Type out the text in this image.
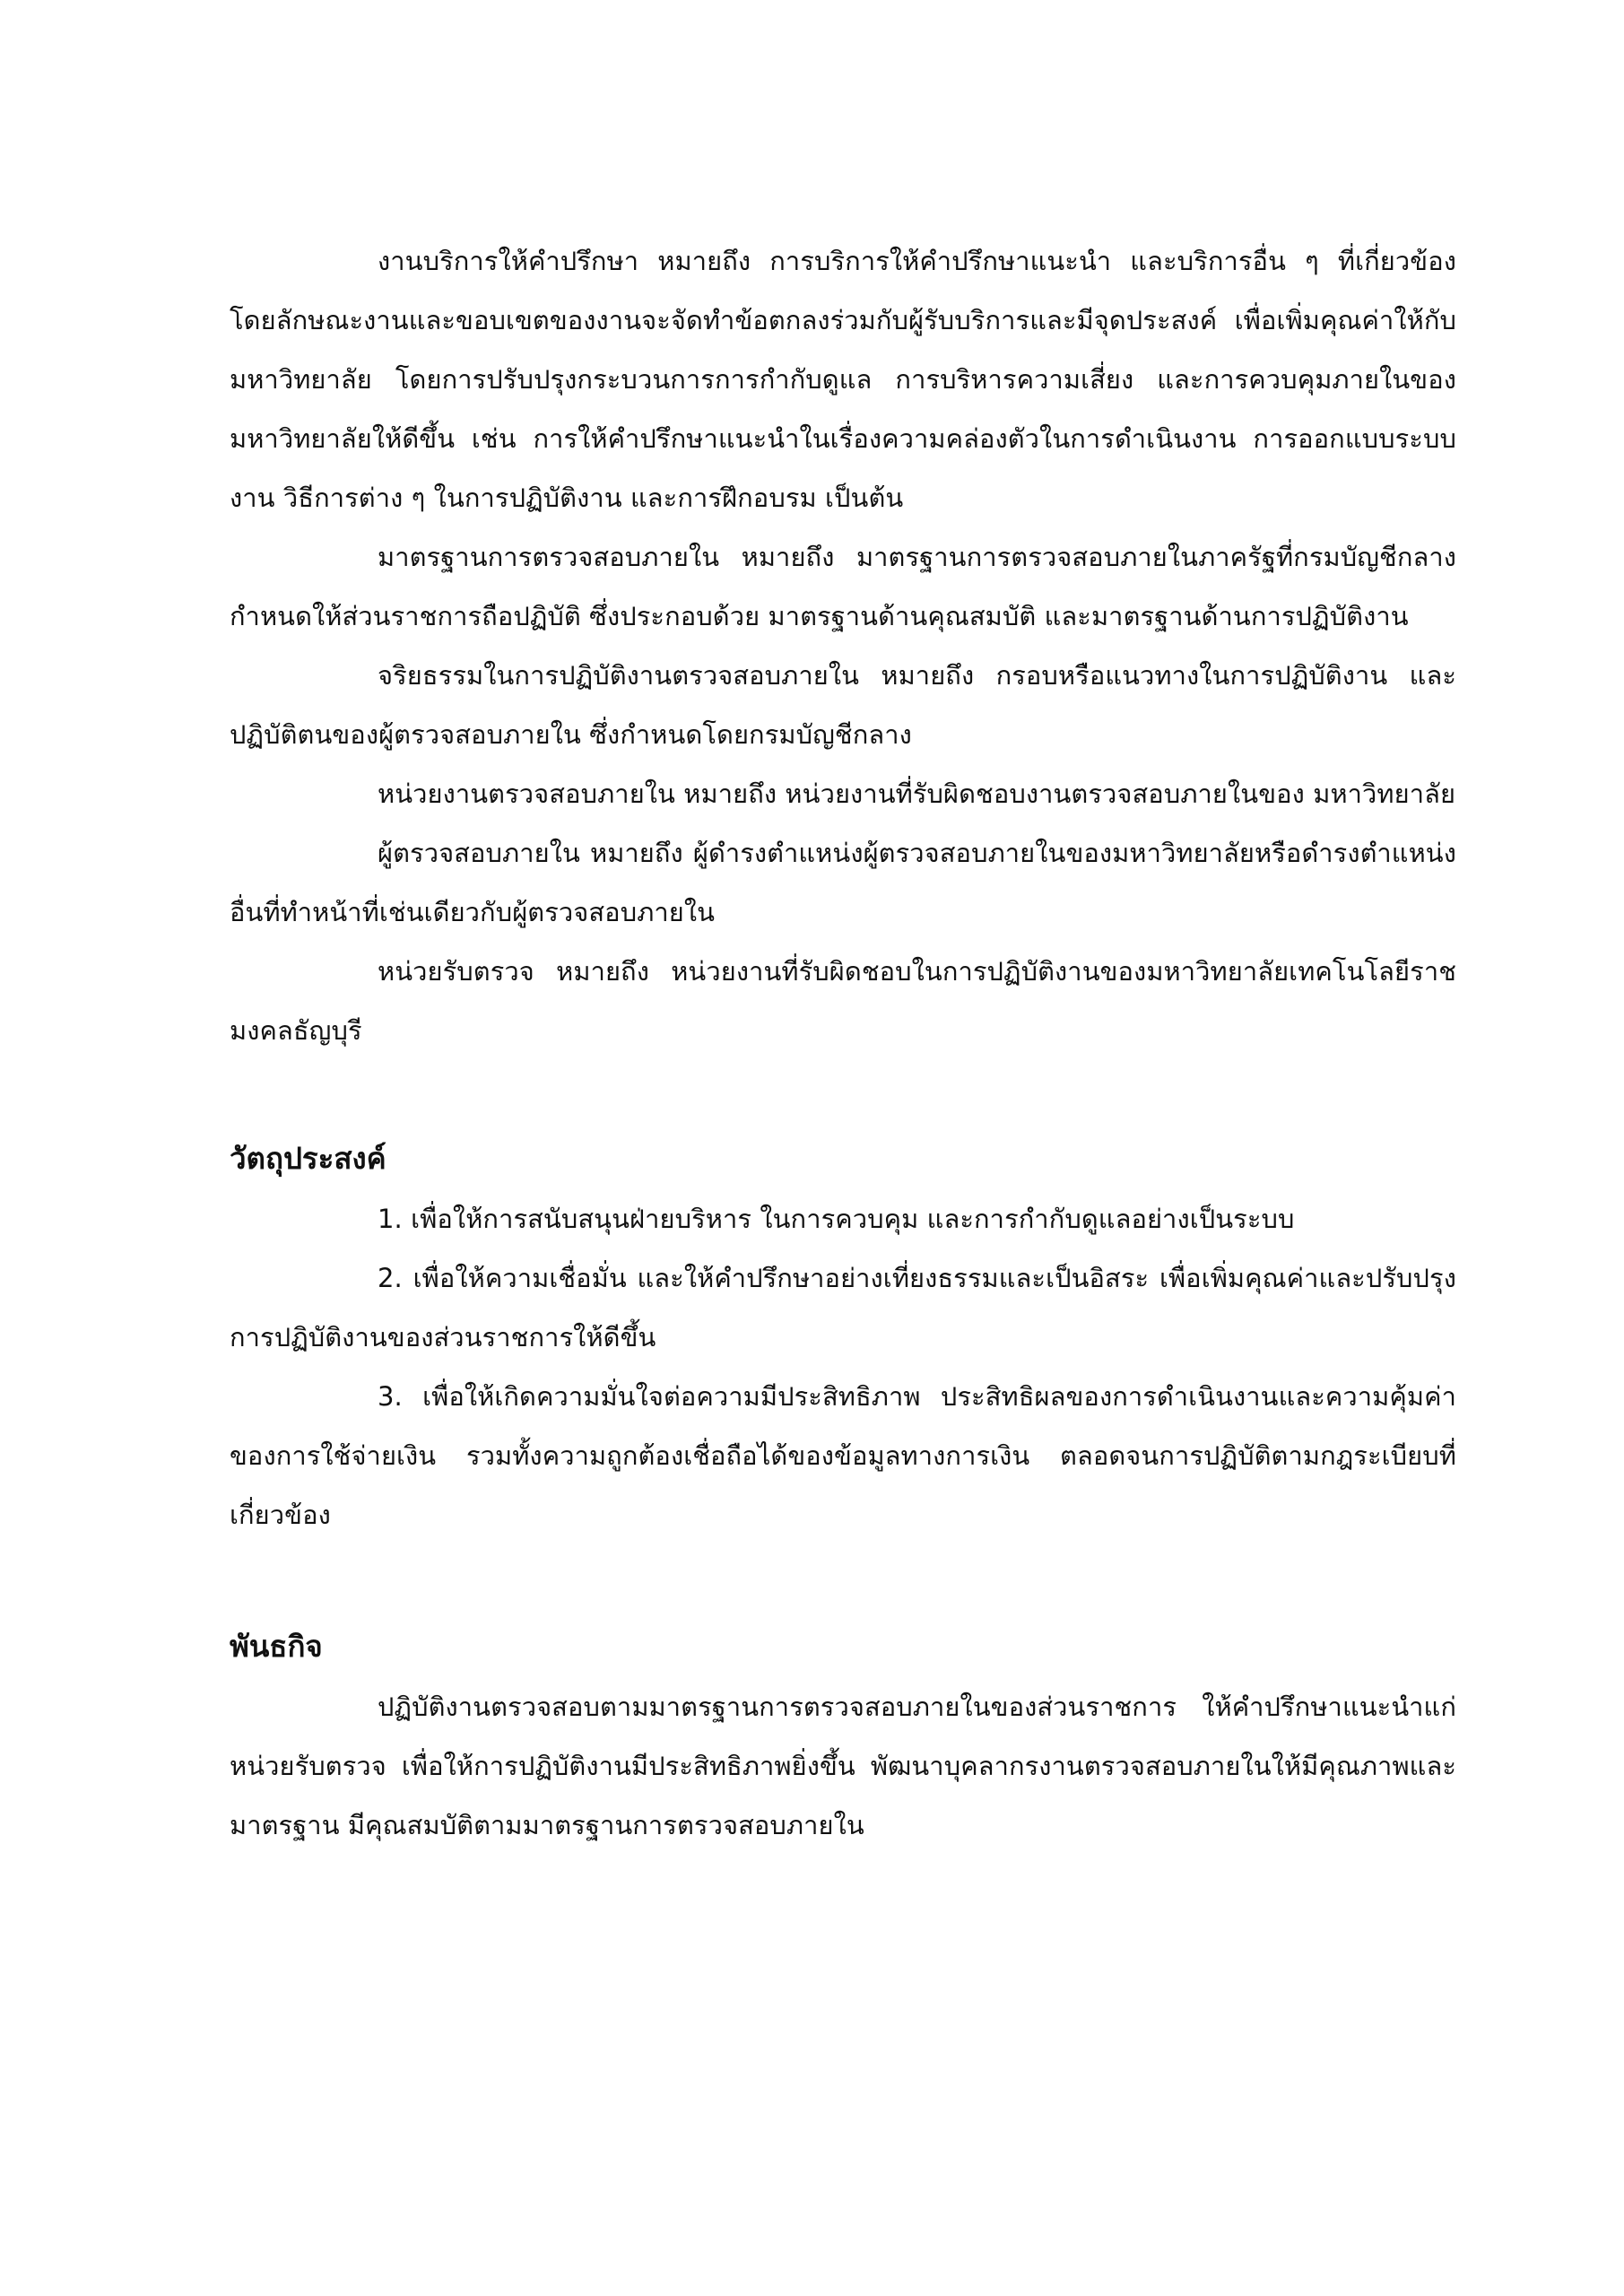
งานบริการให้คำปรึกษา หมายถึง การบริการให้คำปรึกษาแนะนำ และบริการอื่น ๆ ที่เกี่ยวข้อง โดยลักษณะงานและขอบเขตของงานจะจัดทำข้อตกลงร่วมกับผู้รับบริการและมีจุดประสงค์ เพื่อเพิ่มคุณค่าให้กับมหาวิทยาลัย โดยการปรับปรุงกระบวนการการกำกับดูแล การบริหารความเสี่ยง และการควบคุมภายในของมหาวิทยาลัยให้ดีขึ้น เช่น การให้คำปรึกษาแนะนำในเรื่องความคล่องตัวในการดำเนินงาน การออกแบบระบบงาน วิธีการต่าง ๆ ในการปฏิบัติงาน และการฝึกอบรม เป็นต้น

มาตรฐานการตรวจสอบภายใน หมายถึง มาตรฐานการตรวจสอบภายในภาครัฐที่กรมบัญชีกลางกำหนดให้ส่วนราชการถือปฏิบัติ ซึ่งประกอบด้วย มาตรฐานด้านคุณสมบัติ และมาตรฐานด้านการปฏิบัติงาน

จริยธรรมในการปฏิบัติงานตรวจสอบภายใน หมายถึง กรอบหรือแนวทางในการปฏิบัติงาน และปฏิบัติตนของผู้ตรวจสอบภายใน ซึ่งกำหนดโดยกรมบัญชีกลาง

หน่วยงานตรวจสอบภายใน หมายถึง หน่วยงานที่รับผิดชอบงานตรวจสอบภายในของ มหาวิทยาลัย

ผู้ตรวจสอบภายใน หมายถึง ผู้ดำรงตำแหน่งผู้ตรวจสอบภายในของมหาวิทยาลัยหรือดำรงตำแหน่งอื่นที่ทำหน้าที่เช่นเดียวกับผู้ตรวจสอบภายใน

หน่วยรับตรวจ หมายถึง หน่วยงานที่รับผิดชอบในการปฏิบัติงานของมหาวิทยาลัยเทคโนโลยีราชมงคลธัญบุรี

วัตถุประสงค์

1. เพื่อให้การสนับสนุนฝ่ายบริหาร ในการควบคุม และการกำกับดูแลอย่างเป็นระบบ

2. เพื่อให้ความเชื่อมั่น และให้คำปรึกษาอย่างเที่ยงธรรมและเป็นอิสระ เพื่อเพิ่มคุณค่าและปรับปรุงการปฏิบัติงานของส่วนราชการให้ดีขึ้น

3. เพื่อให้เกิดความมั่นใจต่อความมีประสิทธิภาพ ประสิทธิผลของการดำเนินงานและความคุ้มค่าของการใช้จ่ายเงิน รวมทั้งความถูกต้องเชื่อถือได้ของข้อมูลทางการเงิน ตลอดจนการปฏิบัติตามกฎระเบียบที่เกี่ยวข้อง

พันธกิจ

ปฏิบัติงานตรวจสอบตามมาตรฐานการตรวจสอบภายในของส่วนราชการ ให้คำปรึกษาแนะนำแก่หน่วยรับตรวจ เพื่อให้การปฏิบัติงานมีประสิทธิภาพยิ่งขึ้น พัฒนาบุคลากรงานตรวจสอบภายในให้มีคุณภาพและมาตรฐาน มีคุณสมบัติตามมาตรฐานการตรวจสอบภายใน
